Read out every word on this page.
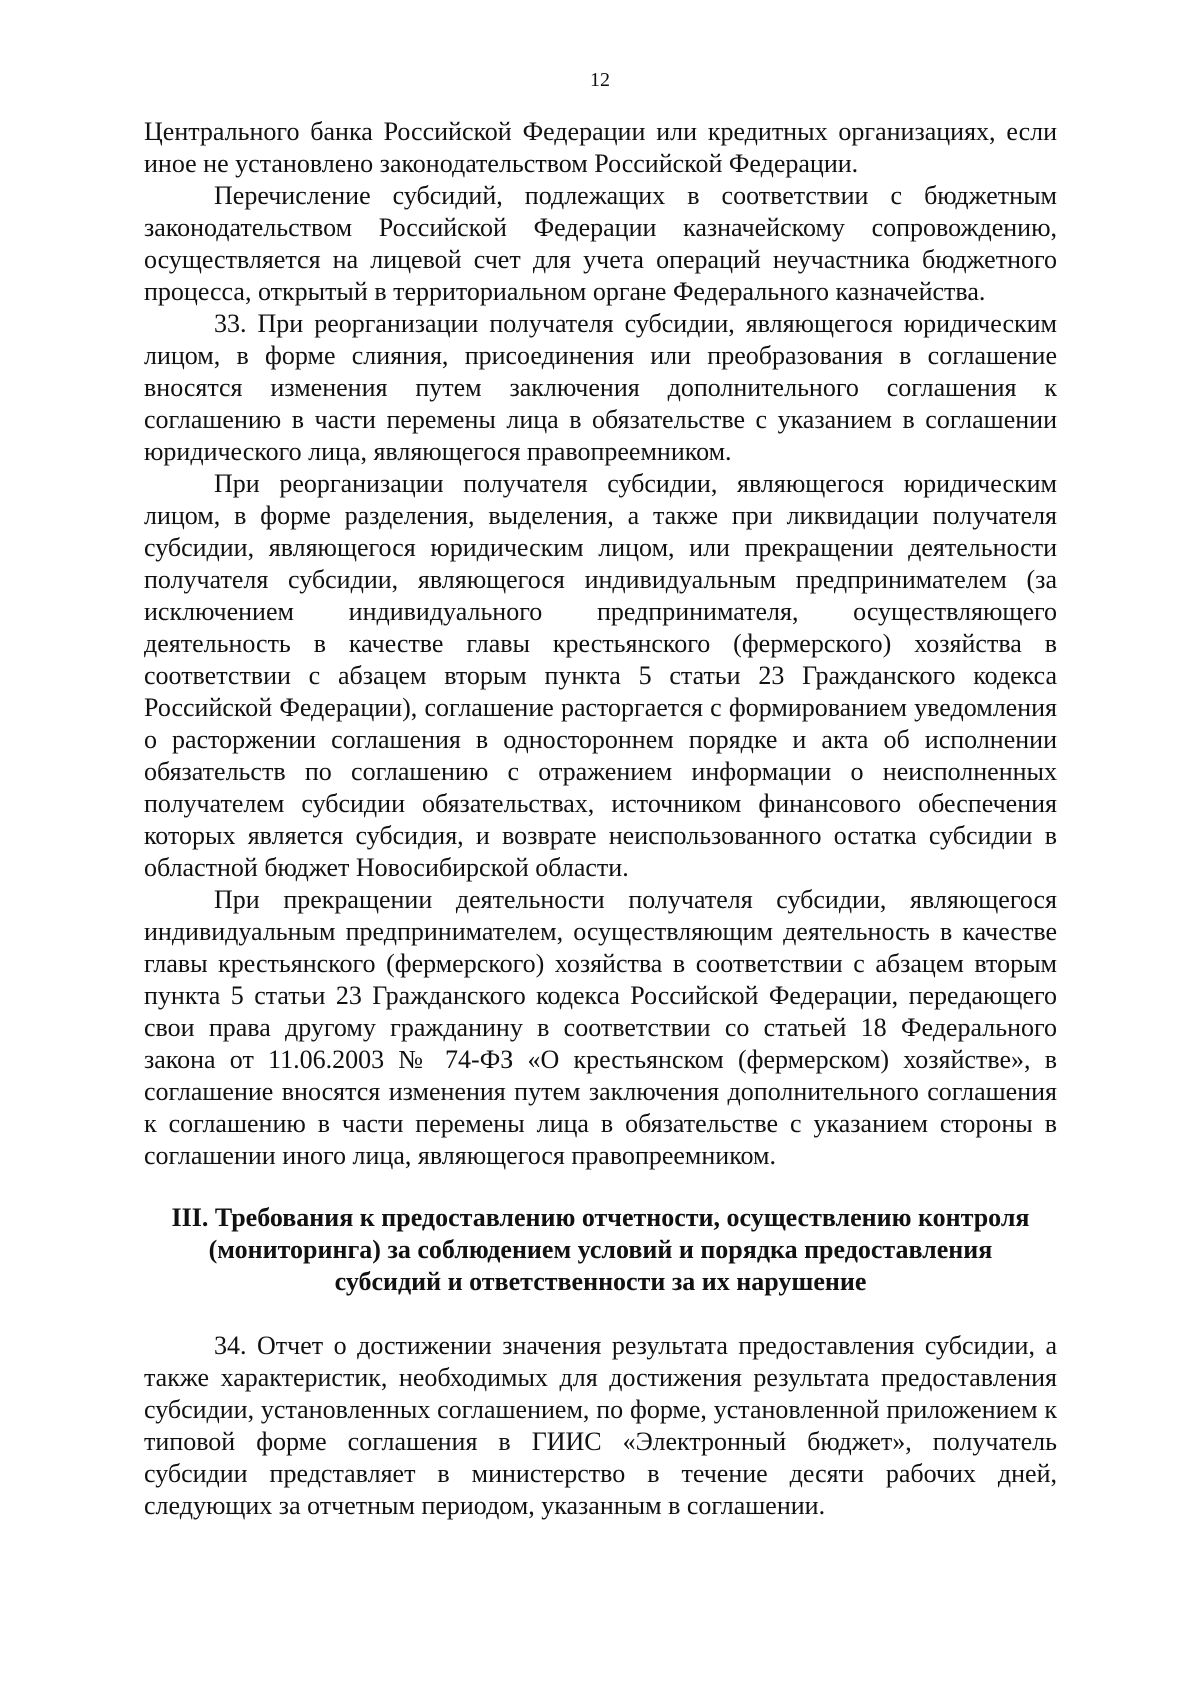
12

Центрального банка Российской Федерации или кредитных организациях, если иное не установлено законодательством Российской Федерации.

Перечисление субсидий, подлежащих в соответствии с бюджетным законодательством Российской Федерации казначейскому сопровождению, осуществляется на лицевой счет для учета операций неучастника бюджетного процесса, открытый в территориальном органе Федерального казначейства.

33. При реорганизации получателя субсидии, являющегося юридическим лицом, в форме слияния, присоединения или преобразования в соглашение вносятся изменения путем заключения дополнительного соглашения к соглашению в части перемены лица в обязательстве с указанием в соглашении юридического лица, являющегося правопреемником.

При реорганизации получателя субсидии, являющегося юридическим лицом, в форме разделения, выделения, а также при ликвидации получателя субсидии, являющегося юридическим лицом, или прекращении деятельности получателя субсидии, являющегося индивидуальным предпринимателем (за исключением индивидуального предпринимателя, осуществляющего деятельность в качестве главы крестьянского (фермерского) хозяйства в соответствии с абзацем вторым пункта 5 статьи 23 Гражданского кодекса Российской Федерации), соглашение расторгается с формированием уведомления о расторжении соглашения в одностороннем порядке и акта об исполнении обязательств по соглашению с отражением информации о неисполненных получателем субсидии обязательствах, источником финансового обеспечения которых является субсидия, и возврате неиспользованного остатка субсидии в областной бюджет Новосибирской области.

При прекращении деятельности получателя субсидии, являющегося индивидуальным предпринимателем, осуществляющим деятельность в качестве главы крестьянского (фермерского) хозяйства в соответствии с абзацем вторым пункта 5 статьи 23 Гражданского кодекса Российской Федерации, передающего свои права другому гражданину в соответствии со статьей 18 Федерального закона от 11.06.2003 № 74-ФЗ «О крестьянском (фермерском) хозяйстве», в соглашение вносятся изменения путем заключения дополнительного соглашения к соглашению в части перемены лица в обязательстве с указанием стороны в соглашении иного лица, являющегося правопреемником.

III. Требования к предоставлению отчетности, осуществлению контроля (мониторинга) за соблюдением условий и порядка предоставления субсидий и ответственности за их нарушение

34. Отчет о достижении значения результата предоставления субсидии, а также характеристик, необходимых для достижения результата предоставления субсидии, установленных соглашением, по форме, установленной приложением к типовой форме соглашения в ГИИС «Электронный бюджет», получатель субсидии представляет в министерство в течение десяти рабочих дней, следующих за отчетным периодом, указанным в соглашении.
